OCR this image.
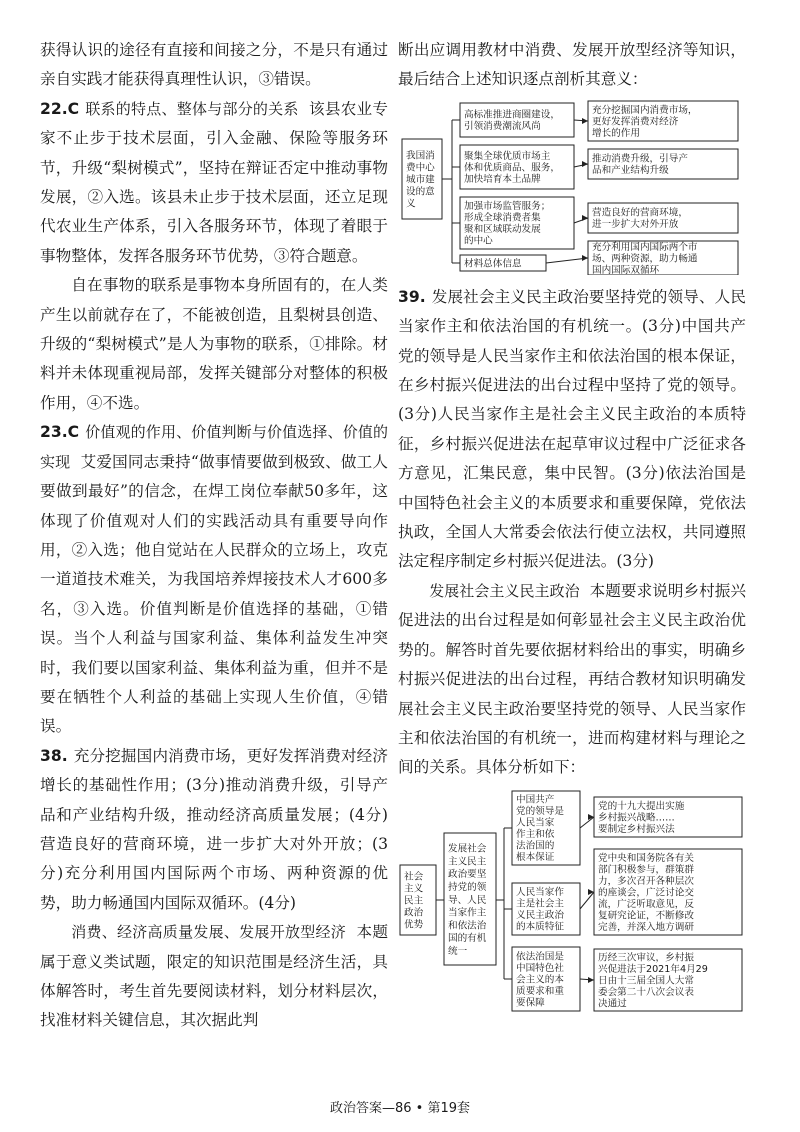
获得认识的途径有直接和间接之分，不是只有通过亲自实践才能获得真理性认识，③错误。

22.C 联系的特点、整体与部分的关系 该县农业专家不止步于技术层面，引入金融、保险等服务环节，升级“梨树模式”，坚持在辩证否定中推动事物发展，②入选。该县未止步于技术层面，还立足现代农业生产体系，引入各服务环节，体现了着眼于事物整体，发挥各服务环节优势，③符合题意。

自在事物的联系是事物本身所固有的，在人类产生以前就存在了，不能被创造，且梨树县创造、升级的“梨树模式”是人为事物的联系，①排除。材料并未体现重视局部，发挥关键部分对整体的积极作用，④不选。

23.C 价值观的作用、价值判断与价值选择、价值的实现 艾爱国同志秉持“做事情要做到极致、做工人要做到最好”的信念，在焊工岗位奉献50多年，这体现了价值观对人们的实践活动具有重要导向作用，②入选；他自觉站在人民群众的立场上，攻克一道道技术难关，为我国培养焊接技术人才600多名，③入选。价值判断是价值选择的基础，①错误。当个人利益与国家利益、集体利益发生冲突时，我们要以国家利益、集体利益为重，但并不是要在牺牲个人利益的基础上实现人生价值，④错误。

38. 充分挖掘国内消费市场，更好发挥消费对经济增长的基础性作用；(3分)推动消费升级，引导产品和产业结构升级，推动经济高质量发展；(4分)营造良好的营商环境，进一步扩大对外开放；(3分)充分利用国内国际两个市场、两种资源的优势，助力畅通国内国际双循环。(4分)

消费、经济高质量发展、发展开放型经济 本题属于意义类试题，限定的知识范围是经济生活，具体解答时，考生首先要阅读材料，划分材料层次，找准材料关键信息，其次据此判

断出应调用教材中消费、发展开放型经济等知识，最后结合上述知识逐点剖析其意义：

我国消费中心城市建设的意义
高标准推进商圈建设，引领消费潮流风尚
充分挖掘国内消费市场，更好发挥消费对经济增长的作用
聚集全球优质市场主体和优质商品、服务，加快培育本土品牌
推动消费升级，引导产品和产业结构升级
加强市场监管服务；形成全球消费者集聚和区域联动发展的中心
营造良好的营商环境，进一步扩大对外开放
材料总体信息
充分利用国内国际两个市场、两种资源，助力畅通国内国际双循环

39. 发展社会主义民主政治要坚持党的领导、人民当家作主和依法治国的有机统一。(3分)中国共产党的领导是人民当家作主和依法治国的根本保证，在乡村振兴促进法的出台过程中坚持了党的领导。(3分)人民当家作主是社会主义民主政治的本质特征，乡村振兴促进法在起草审议过程中广泛征求各方意见，汇集民意，集中民智。(3分)依法治国是中国特色社会主义的本质要求和重要保障，党依法执政，全国人大常委会依法行使立法权，共同遵照法定程序制定乡村振兴促进法。(3分)

发展社会主义民主政治 本题要求说明乡村振兴促进法的出台过程是如何彰显社会主义民主政治优势的。解答时首先要依据材料给出的事实，明确乡村振兴促进法的出台过程，再结合教材知识明确发展社会主义民主政治要坚持党的领导、人民当家作主和依法治国的有机统一，进而构建材料与理论之间的关系。具体分析如下：

社会主义民主政治优势
发展社会主义民主政治要坚持党的领导、人民当家作主和依法治国的有机统一
中国共产党的领导是人民当家作主和依法治国的根本保证
党的十九大提出实施乡村振兴战略……要制定乡村振兴法
人民当家作主是社会主义民主政治的本质特征
党中央和国务院各有关部门积极参与，群策群力，多次召开各种层次的座谈会，广泛讨论交流，广泛听取意见，反复研究论证，不断修改完善，并深入地方调研
依法治国是中国特色社会主义的本质要求和重要保障
历经三次审议，乡村振兴促进法于2021年4月29 日由十三届全国人大常委会第二十八次会议表决通过
政治答案—86 • 第19套
